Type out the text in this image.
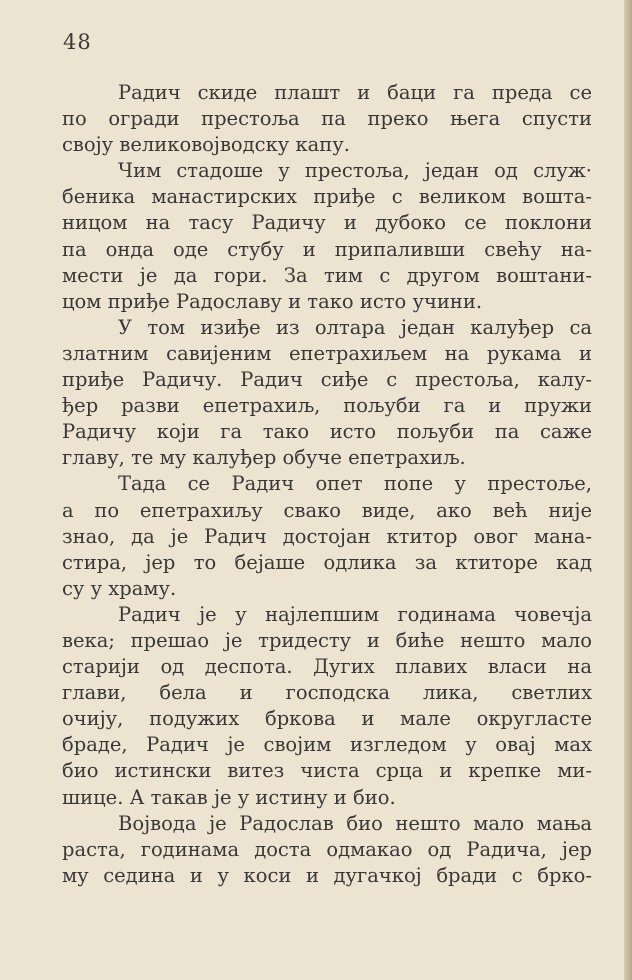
48
Радич скиде плашт и баци га преда се
по огради престоља па преко њега спусти
своју великовојводску капу.
Чим стадоше у престоља, један од служ·
беника манастирских приђе с великом вошта-
ницом на тасу Радичу и дубоко се поклони
па онда оде стубу и припаливши свећу на-
мести је да гори. За тим с другом воштани-
цом приђе Радославу и тако исто учини.
У том изиђе из олтара један калуђер са
златним савијеним епетрахиљем на рукама и
приђе Радичу. Радич сиђе с престоља, калу-
ђер разви епетрахиљ, пољуби га и пружи
Радичу који га тако исто пољуби па саже
главу, те му калуђер обуче епетрахиљ.
Тада се Радич опет попе у престоље,
а по епетрахиљу свако виде, ако већ није
знао, да је Радич достојан ктитор овог мана-
стира, јер то бејаше одлика за ктиторе кад
су у храму.
Радич је у најлепшим годинама човечја
века; прешао је тридесту и биће нешто мало
старији од деспота. Дугих плавих власи на
глави, бела и господска лика, светлих
очију, подужих бркова и мале округласте
браде, Радич је својим изгледом у овај мах
био истински витез чиста срца и крепке ми-
шице. А такав је у истину и био.
Војвода је Радослав био нешто мало мања
раста, годинама доста одмакао од Радича, јер
му седина и у коси и дугачкој бради с брко-
